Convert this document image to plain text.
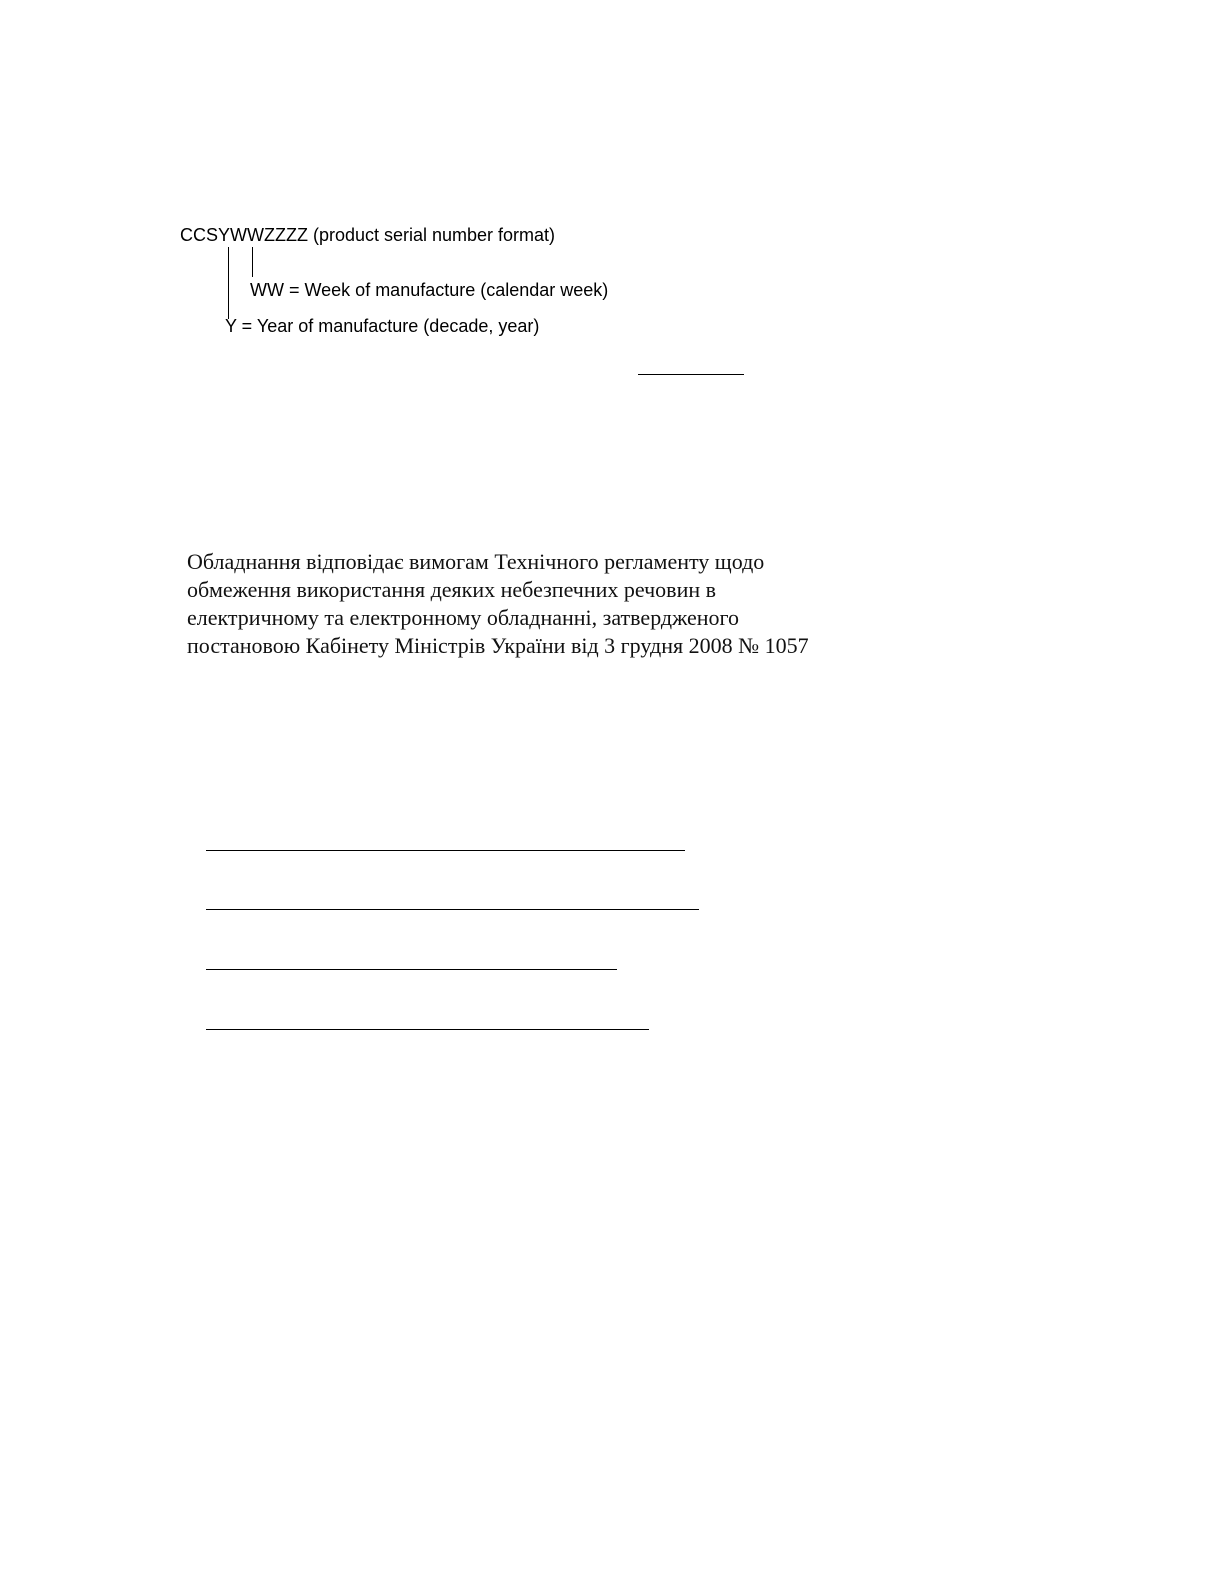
CCSYWWZZZZ (product serial number format)
WW = Week of manufacture (calendar week)
Y = Year of manufacture (decade, year)
Обладнання відповідає вимогам Технічного регламенту щодо
обмеження використання деяких небезпечних речовин в
електричному та електронному обладнанні, затвердженого
постановою Кабінету Міністрів України від 3 грудня 2008 № 1057
